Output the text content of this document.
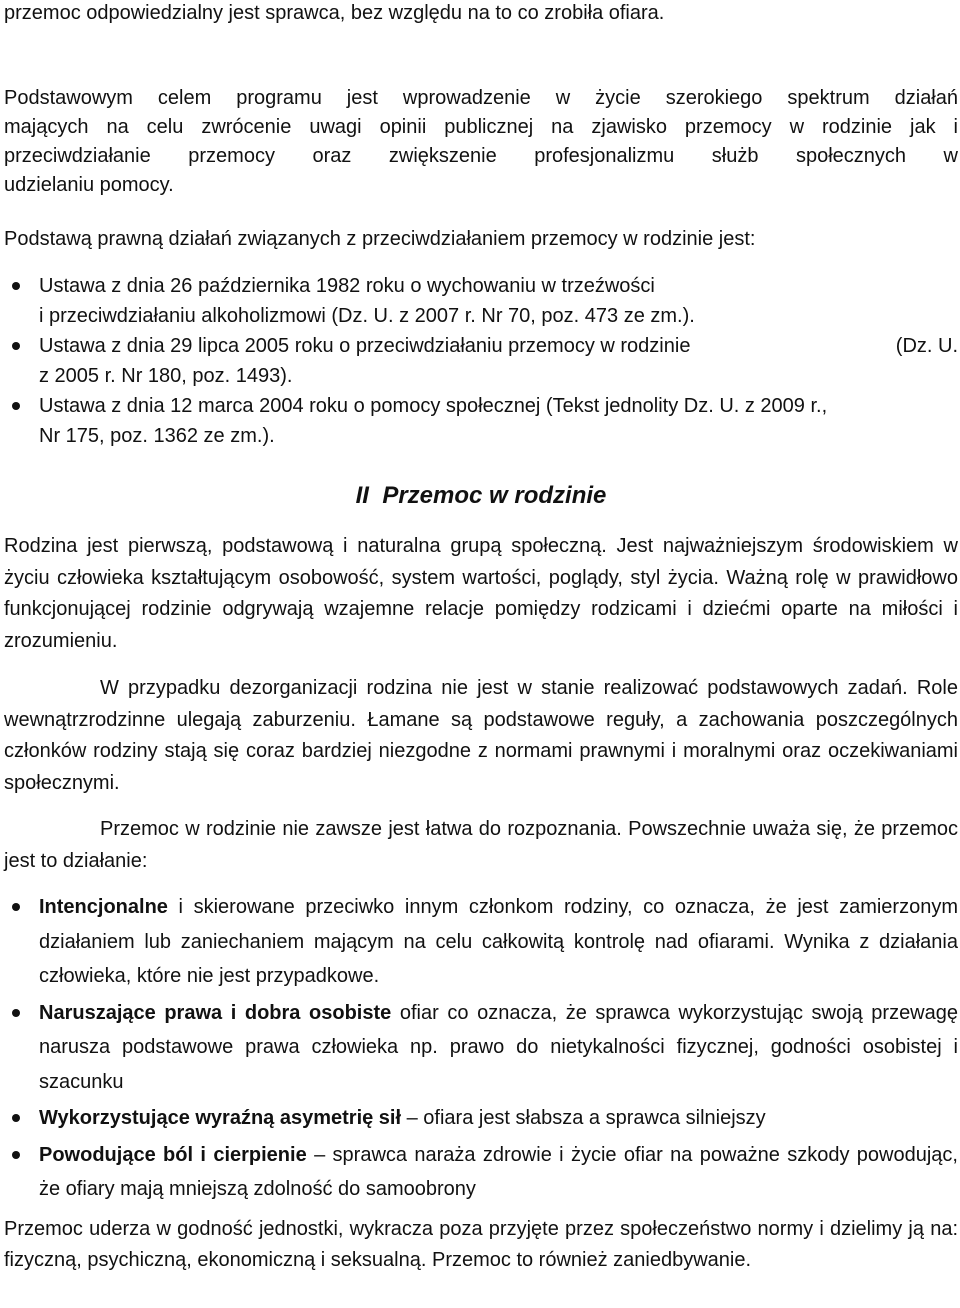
przemoc odpowiedzialny jest sprawca, bez względu na to co zrobiła ofiara.
Podstawowym celem programu jest wprowadzenie w życie szerokiego spektrum działań
mających na celu zwrócenie uwagi opinii publicznej na zjawisko przemocy w rodzinie jak i
przeciwdziałanie przemocy oraz zwiększenie profesjonalizmu służb społecznych w
udzielaniu pomocy.
Podstawą prawną działań związanych z przeciwdziałaniem przemocy w rodzinie jest:
Ustawa z dnia 26 października 1982 roku o wychowaniu w trzeźwości
i przeciwdziałaniu alkoholizmowi (Dz. U. z 2007 r. Nr 70, poz. 473 ze zm.).
Ustawa z dnia 29 lipca 2005 roku o przeciwdziałaniu przemocy w rodzinie	(Dz. U.
z 2005 r. Nr 180, poz. 1493).
Ustawa z dnia 12 marca 2004 roku o pomocy społecznej (Tekst jednolity Dz. U. z 2009 r.,
Nr 175, poz. 1362 ze zm.).
II Przemoc w rodzinie
Rodzina jest pierwszą, podstawową i naturalna grupą społeczną. Jest najważniejszym środowiskiem w życiu człowieka kształtującym osobowość, system wartości, poglądy, styl życia. Ważną rolę w prawidłowo funkcjonującej rodzinie odgrywają wzajemne relacje pomiędzy rodzicami i dziećmi oparte na miłości i zrozumieniu.
W przypadku dezorganizacji rodzina nie jest w stanie realizować podstawowych zadań. Role wewnątrzrodzinne ulegają zaburzeniu. Łamane są podstawowe reguły, a zachowania poszczególnych członków rodziny stają się coraz bardziej niezgodne z normami prawnymi i moralnymi oraz oczekiwaniami społecznymi.
Przemoc w rodzinie nie zawsze jest łatwa do rozpoznania. Powszechnie uważa się, że przemoc jest to działanie:
Intencjonalne i skierowane przeciwko innym członkom rodziny, co oznacza, że jest zamierzonym działaniem lub zaniechaniem mającym na celu całkowitą kontrolę nad ofiarami. Wynika z działania człowieka, które nie jest przypadkowe.
Naruszające prawa i dobra osobiste ofiar co oznacza, że sprawca wykorzystując swoją przewagę narusza podstawowe prawa człowieka np. prawo do nietykalności fizycznej, godności osobistej i szacunku
Wykorzystujące wyraźną asymetrię sił – ofiara jest słabsza a sprawca silniejszy
Powodujące ból i cierpienie – sprawca naraża zdrowie i życie ofiar na poważne szkody powodując, że ofiary mają mniejszą zdolność do samoobrony
Przemoc uderza w godność jednostki, wykracza poza przyjęte przez społeczeństwo normy i dzielimy ją na: fizyczną, psychiczną, ekonomiczną i seksualną. Przemoc to również zaniedbywanie.
